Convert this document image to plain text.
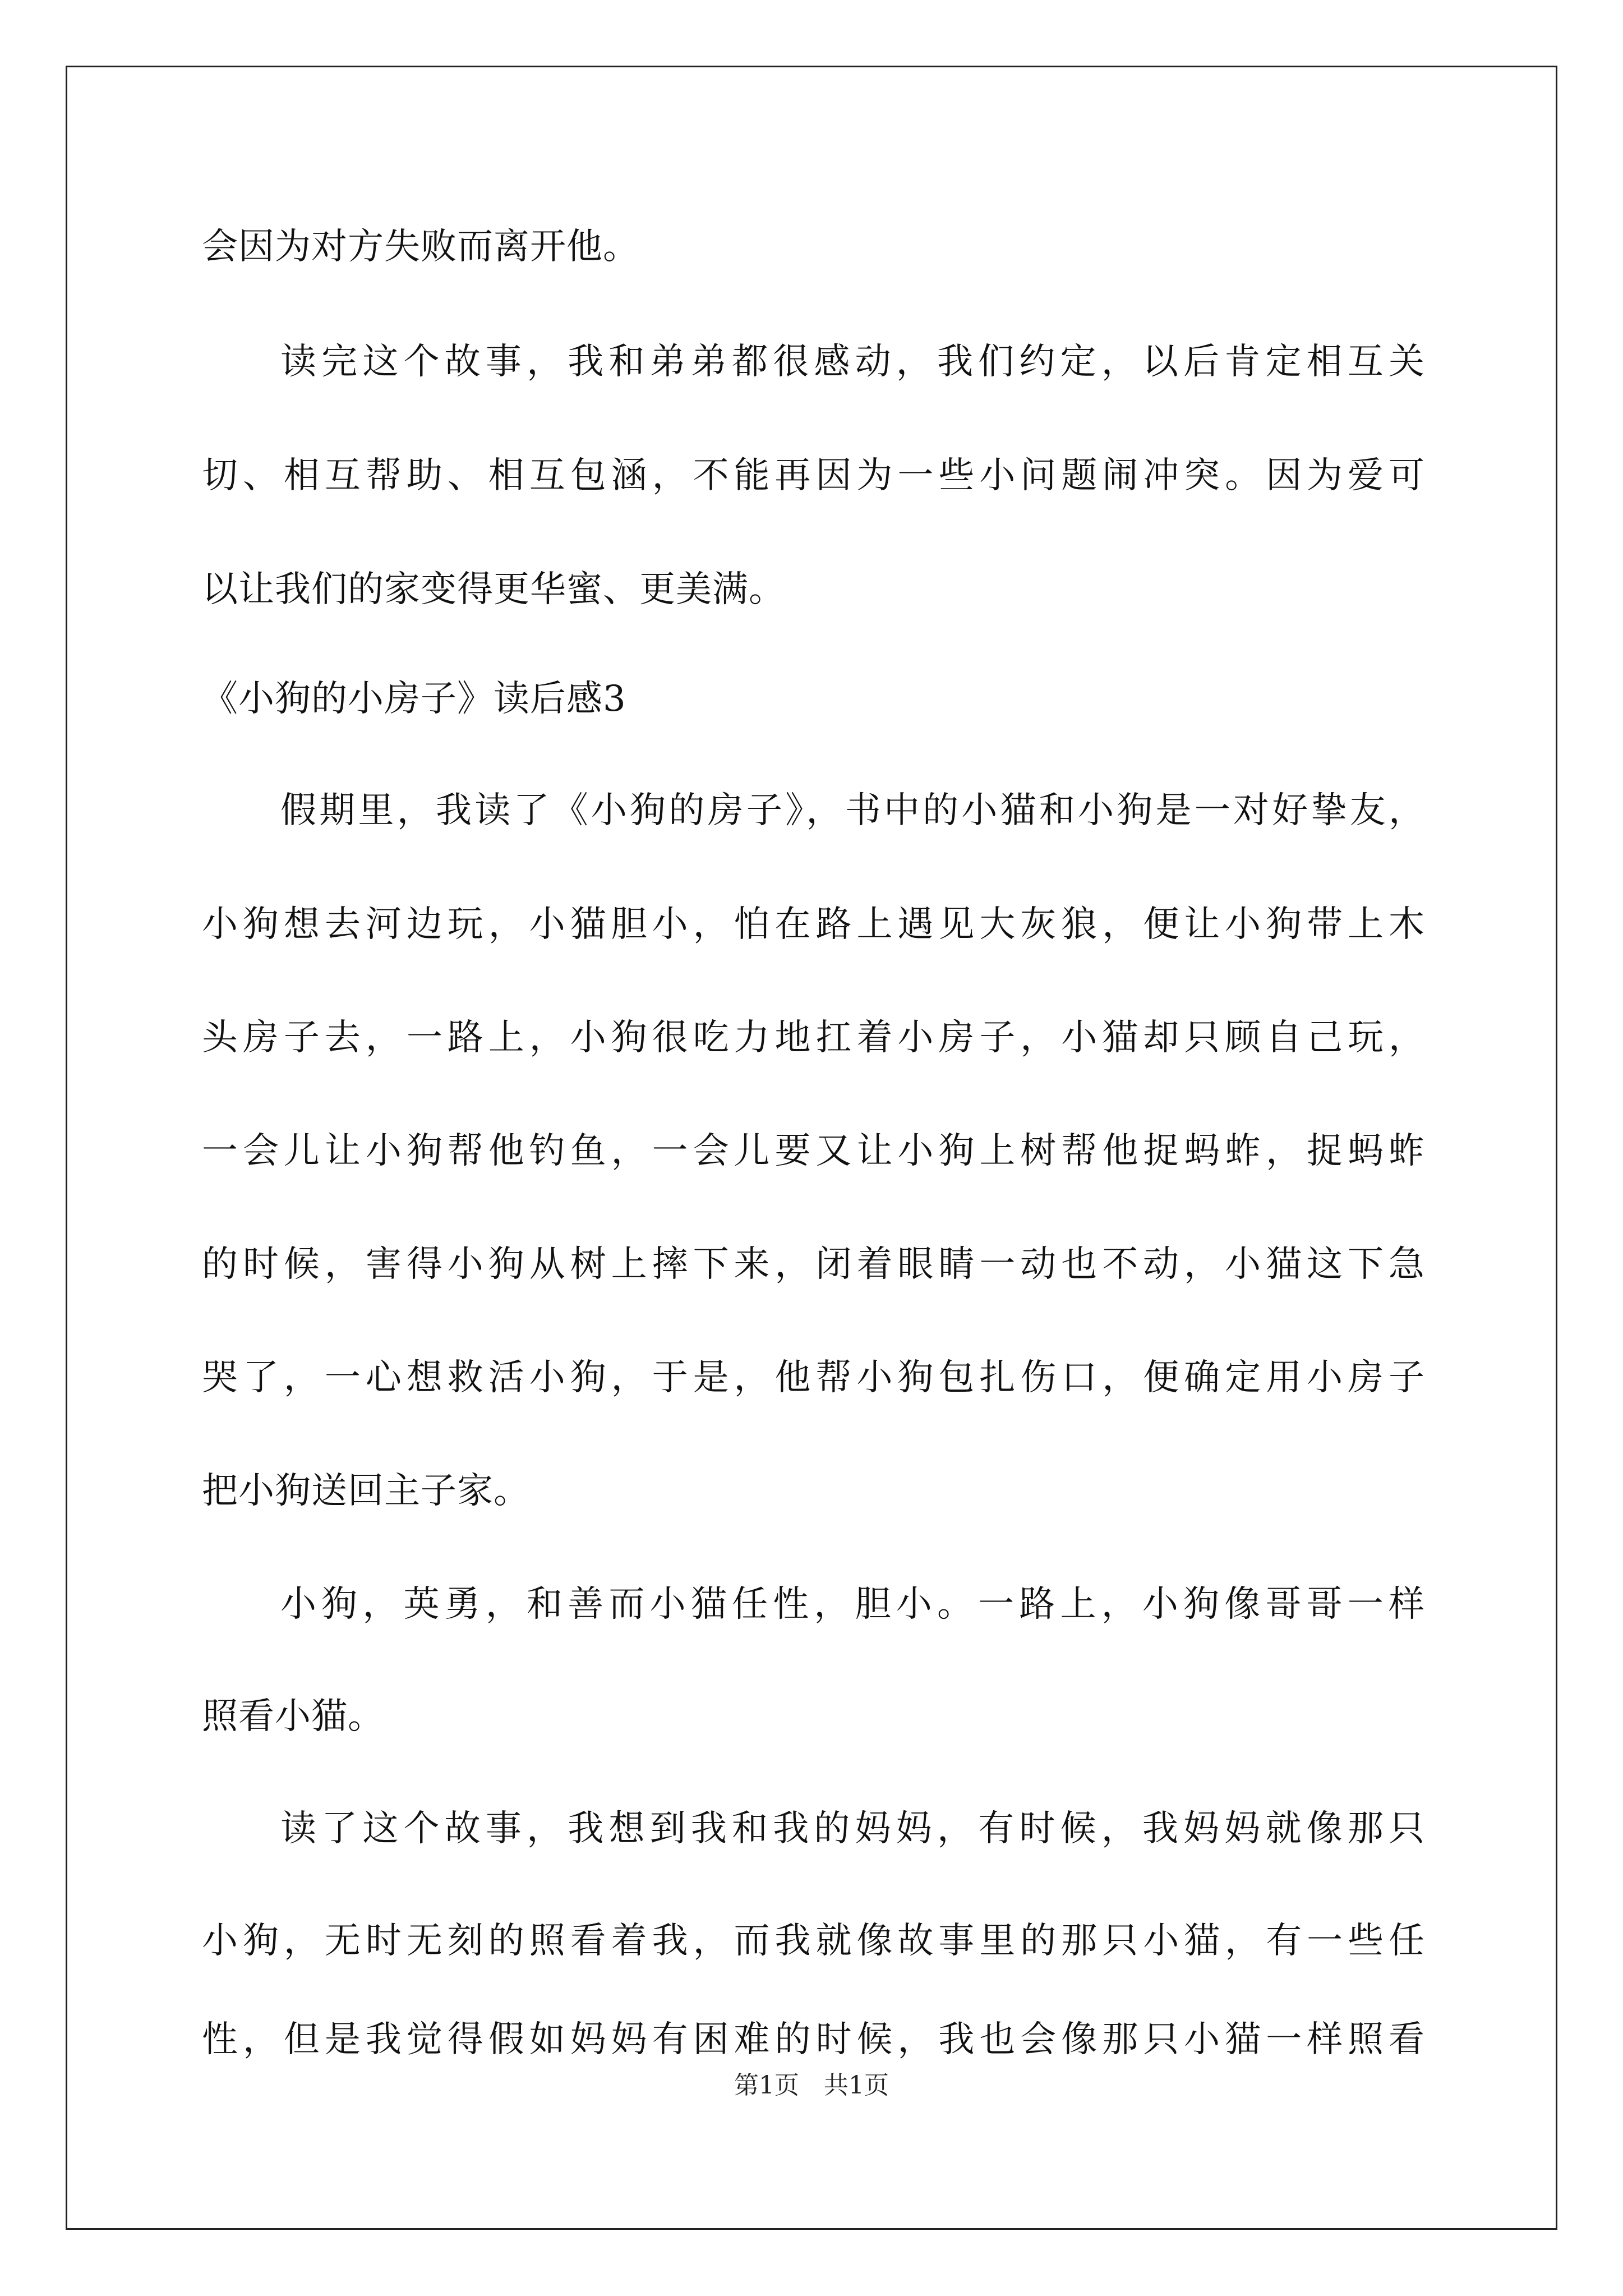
会因为对方失败而离开他。
读完这个故事，我和弟弟都很感动，我们约定，以后肯定相互关
切、相互帮助、相互包涵，不能再因为一些小问题闹冲突。因为爱可
以让我们的家变得更华蜜、更美满。
《小狗的小房子》读后感3
假期里，我读了《小狗的房子》，书中的小猫和小狗是一对好挚友，
小狗想去河边玩，小猫胆小，怕在路上遇见大灰狼，便让小狗带上木
头房子去，一路上，小狗很吃力地扛着小房子，小猫却只顾自己玩，
一会儿让小狗帮他钓鱼，一会儿要又让小狗上树帮他捉蚂蚱，捉蚂蚱
的时候，害得小狗从树上摔下来，闭着眼睛一动也不动，小猫这下急
哭了，一心想救活小狗，于是，他帮小狗包扎伤口，便确定用小房子
把小狗送回主子家。
小狗，英勇，和善而小猫任性，胆小。一路上，小狗像哥哥一样
照看小猫。
读了这个故事，我想到我和我的妈妈，有时候，我妈妈就像那只
小狗，无时无刻的照看着我，而我就像故事里的那只小猫，有一些任
性，但是我觉得假如妈妈有困难的时候，我也会像那只小猫一样照看
第1页　共1页
